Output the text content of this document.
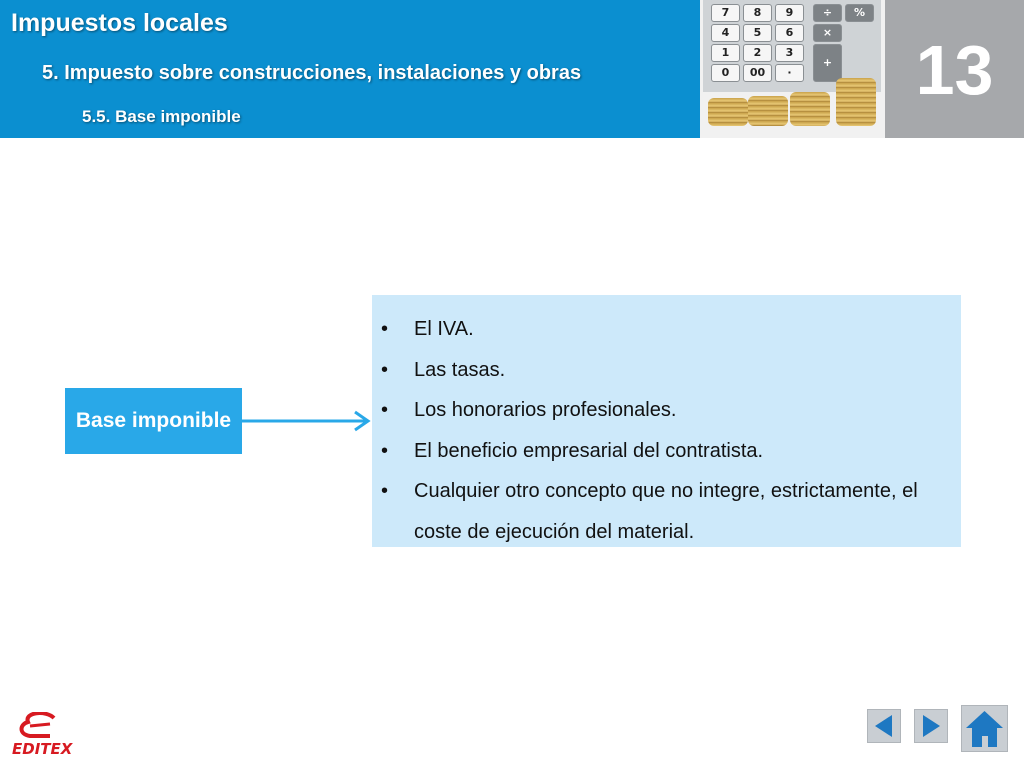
Impuestos locales
5. Impuesto sobre construcciones, instalaciones y obras
5.5. Base imponible
7	8	9	÷	%
4	5	6	×
1	2	3
0	00	·
+	13
Base imponible
• El IVA.
• Las tasas.
• Los honorarios profesionales.
• El beneficio empresarial del contratista.
• Cualquier otro concepto que no integre, estrictamente, el coste de ejecución del material.
EDITEX
